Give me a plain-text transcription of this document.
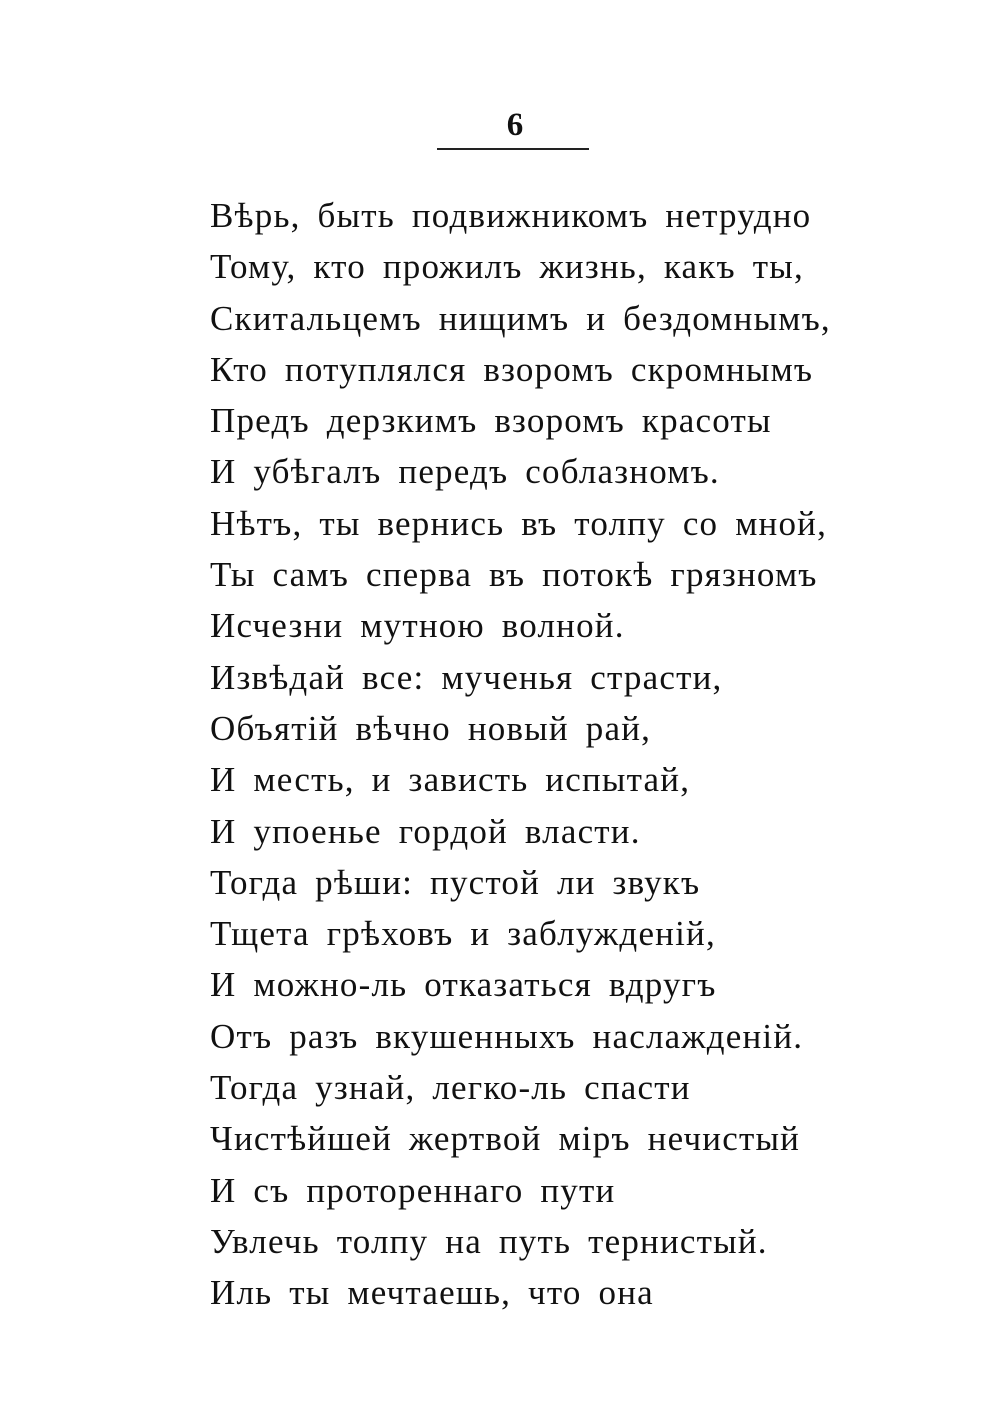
6
Вѣрь, быть подвижникомъ нетрудно
Тому, кто прожилъ жизнь, какъ ты,
Скитальцемъ нищимъ и бездомнымъ,
Кто потуплялся взоромъ скромнымъ
Предъ дерзкимъ взоромъ красоты
И убѣгалъ передъ соблазномъ.
Нѣтъ, ты вернись въ толпу со мной,
Ты самъ сперва въ потокѣ грязномъ
Исчезни мутною волной.
Извѣдай все: мученья страсти,
Объятій вѣчно новый рай,
И месть, и зависть испытай,
И упоенье гордой власти.
Тогда рѣши: пустой ли звукъ
Тщета грѣховъ и заблужденій,
И можно-ль отказаться вдругъ
Отъ разъ вкушенныхъ наслажденій.
Тогда узнай, легко-ль спасти
Чистѣйшей жертвой міръ нечистый
И съ протореннаго пути
Увлечь толпу на путь тернистый.
Иль ты мечтаешь, что она
